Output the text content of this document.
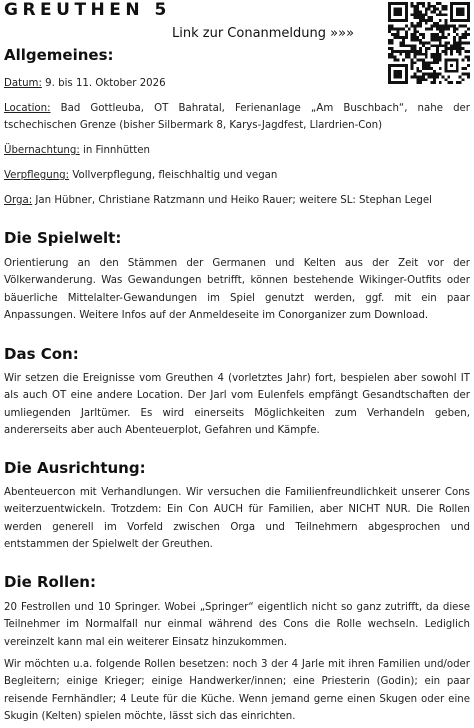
GREUTHEN 5
Link zur Conanmeldung »»»
Allgemeines:
Datum: 9. bis 11. Oktober 2026
Location: Bad Gottleuba, OT Bahratal, Ferienanlage „Am Buschbach“, nahe der tschechischen Grenze (bisher Silbermark 8, Karys-Jagdfest, Llardrien-Con)
Übernachtung: in Finnhütten
Verpflegung: Vollverpflegung, fleischhaltig und vegan
Orga: Jan Hübner, Christiane Ratzmann und Heiko Rauer; weitere SL: Stephan Legel
Die Spielwelt:
Orientierung an den Stämmen der Germanen und Kelten aus der Zeit vor der Völkerwanderung. Was Gewandungen betrifft, können bestehende Wikinger-Outfits oder bäuerliche Mittelalter-Gewandungen im Spiel genutzt werden, ggf. mit ein paar Anpassungen. Weitere Infos auf der Anmeldeseite im Conorganizer zum Download.
Das Con:
Wir setzen die Ereignisse vom Greuthen 4 (vorletztes Jahr) fort, bespielen aber sowohl IT als auch OT eine andere Location. Der Jarl vom Eulenfels empfängt Gesandtschaften der umliegenden Jarltümer. Es wird einerseits Möglichkeiten zum Verhandeln geben, andererseits aber auch Abenteuerplot, Gefahren und Kämpfe.
Die Ausrichtung:
Abenteuercon mit Verhandlungen. Wir versuchen die Familienfreundlichkeit unserer Cons weiterzuentwickeln. Trotzdem: Ein Con AUCH für Familien, aber NICHT NUR. Die Rollen werden generell im Vorfeld zwischen Orga und Teilnehmern abgesprochen und entstammen der Spielwelt der Greuthen.
Die Rollen:
20 Festrollen und 10 Springer. Wobei „Springer“ eigentlich nicht so ganz zutrifft, da diese Teilnehmer im Normalfall nur einmal während des Cons die Rolle wechseln. Lediglich vereinzelt kann mal ein weiterer Einsatz hinzukommen.
Wir möchten u.a. folgende Rollen besetzen: noch 3 der 4 Jarle mit ihren Familien und/oder Begleitern; einige Krieger; einige Handwerker/innen; eine Priesterin (Godin); ein paar reisende Fernhändler; 4 Leute für die Küche. Wenn jemand gerne einen Skugen oder eine Skugin (Kelten) spielen möchte, lässt sich das einrichten.
